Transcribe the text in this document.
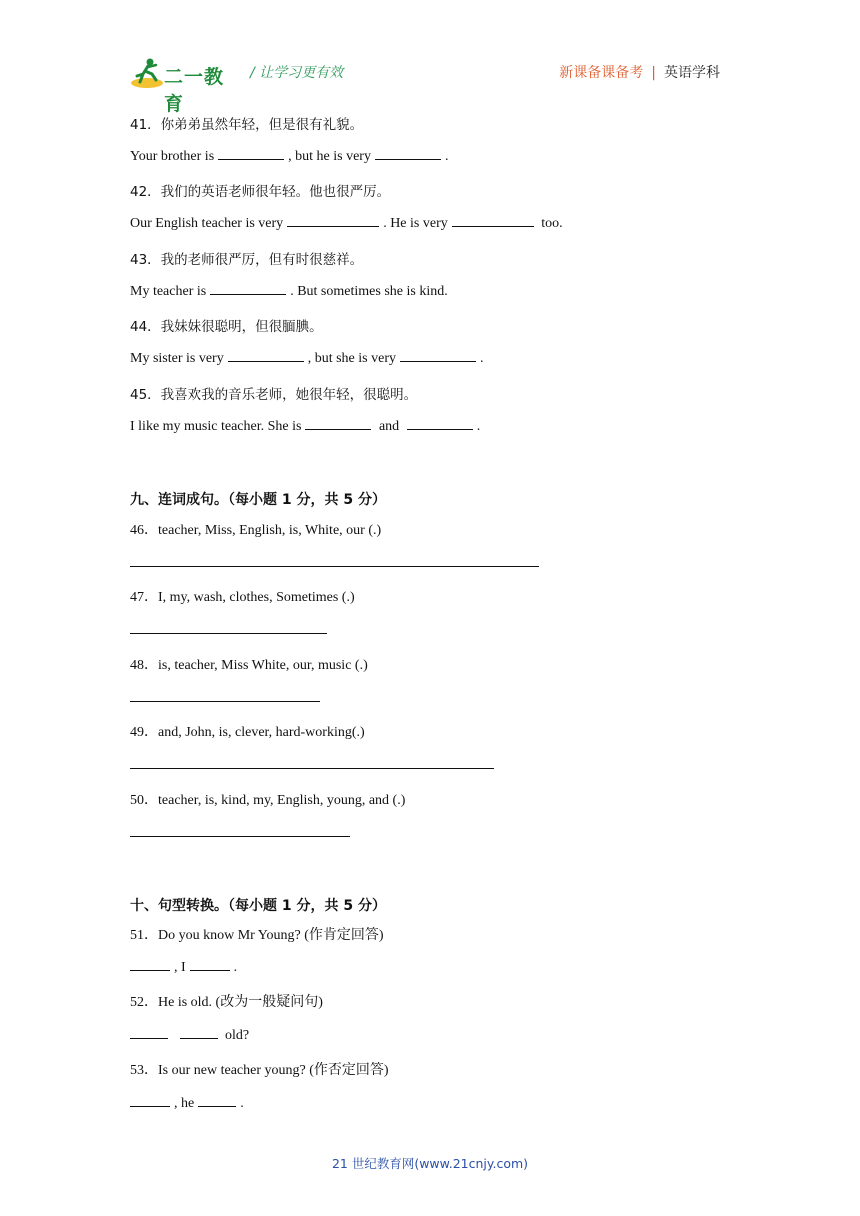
二一教育
/ 让学习更有效	新课备课备考 | 英语学科
41．你弟弟虽然年轻，但是很有礼貌。
Your brother is	, but he is very	.
42．我们的英语老师很年轻。他也很严厉。
Our English teacher is very	. He is very	too.
43．我的老师很严厉，但有时很慈祥。
My teacher is	. But sometimes she is kind.
44．我妹妹很聪明，但很腼腆。
My sister is very	, but she is very	.
45．我喜欢我的音乐老师，她很年轻，很聪明。
I like my music teacher. She is	and	.
九、连词成句。（每小题 1 分，共 5 分）
46．teacher, Miss, English, is, White, our (.)
47．I, my, wash, clothes, Sometimes (.)
48．is, teacher, Miss White, our, music (.)
49．and, John, is, clever, hard-working(.)
50．teacher, is, kind, my, English, young, and (.)
十、句型转换。（每小题 1 分，共 5 分）
51．Do you know Mr Young? (作肯定回答)
, I	.
52．He is old. (改为一般疑问句)
old?
53．Is our new teacher young? (作否定回答)
, he	.
21 世纪教育网(www.21cnjy.com)
